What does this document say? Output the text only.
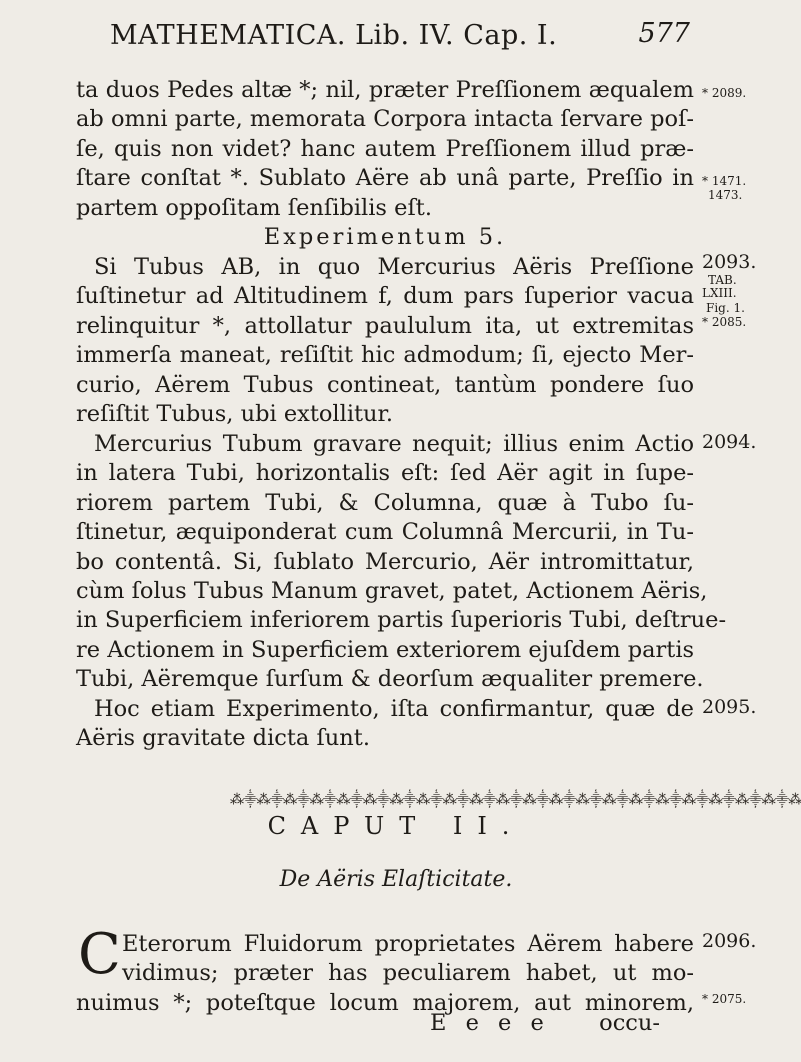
MATHEMATICA. Lib. IV. Cap. I.	577
ta duos Pedes altæ *; nil, præter Preſſionem æqualem
ab omni parte, memorata Corpora intacta ſervare poſ-
ſe, quis non videt? hanc autem Preſſionem illud præ-
ſtare conſtat *. Sublato Aëre ab unâ parte, Preſſio in
partem oppoſitam ſenſibilis eſt.
Experimentum 5.
Si Tubus AB, in quo Mercurius Aëris Preſſione
ſuſtinetur ad Altitudinem f, dum pars ſuperior vacua
relinquitur *, attollatur paululum ita, ut extremitas
immerſa maneat, reſiſtit hic admodum; ſi, ejecto Mer-
curio, Aërem Tubus contineat, tantùm pondere ſuo
reſiſtit Tubus, ubi extollitur.
Mercurius Tubum gravare nequit; illius enim Actio
in latera Tubi, horizontalis eſt: ſed Aër agit in ſupe-
riorem partem Tubi, & Columna, quæ à Tubo ſu-
ſtinetur, æquiponderat cum Columnâ Mercurii, in Tu-
bo contentâ. Si, ſublato Mercurio, Aër intromittatur,
cùm ſolus Tubus Manum gravet, patet, Actionem Aëris,
in Superficiem inferiorem partis ſuperioris Tubi, deſtrue-
re Actionem in Superficiem exteriorem ejuſdem partis
Tubi, Aëremque ſurſum & deorſum æqualiter premere.
Hoc etiam Experimento, iſta confirmantur, quæ de
Aëris gravitate dicta ſunt.
⁂⸎⁂⸎⁂⸎⁂⸎⁂⸎⁂⸎⁂⸎⁂⸎⁂⸎⁂⸎⁂⸎⁂⸎⁂⸎⁂⸎⁂⸎⁂⸎⁂⸎⁂⸎⁂⸎⁂⸎⁂⸎⁂
CAPUT II.
De Aëris Elaſticitate.
C Eterorum Fluidorum proprietates Aërem habere
vidimus; præter has peculiarem habet, ut mo-
nuimus *; poteſtque locum majorem, aut minorem,
E e e e occu-
* 2089.
* 1471.
1473.
2093.
TAB.
LXIII.
Fig. 1.
* 2085.
2094.
2095.
2096.
* 2075.
